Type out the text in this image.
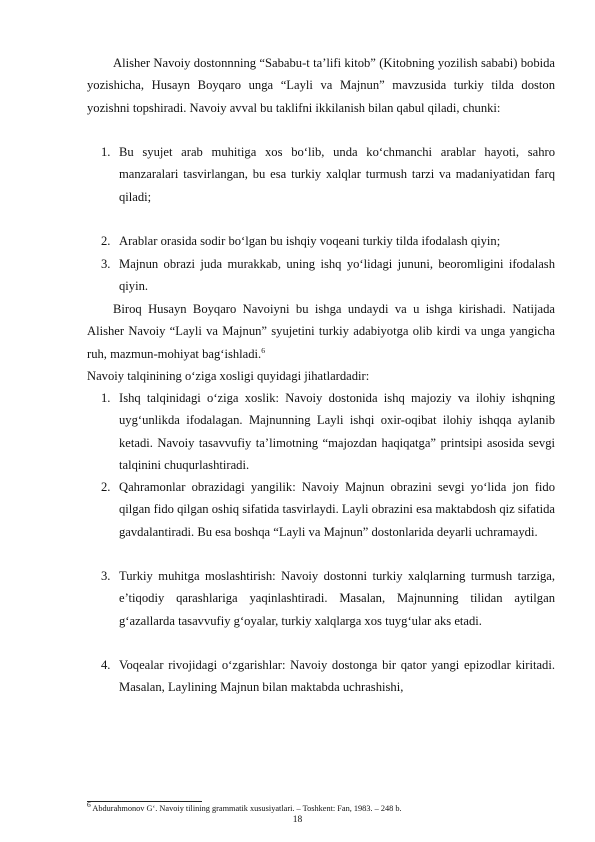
Alisher Navoiy dostonnning “Sababu-t ta’lifi kitob” (Kitobning yozilish sababi) bobida yozishicha, Husayn Boyqaro unga “Layli va Majnun” mavzusida turkiy tilda doston yozishni topshiradi. Navoiy avval bu taklifni ikkilanish bilan qabul qiladi, chunki:
1. Bu syujet arab muhitiga xos bo‘lib, unda ko‘chmanchi arablar hayoti, sahro manzaralari tasvirlangan, bu esa turkiy xalqlar turmush tarzi va madaniyatidan farq qiladi;
2. Arablar orasida sodir bo‘lgan bu ishqiy voqeani turkiy tilda ifodalash qiyin;
3. Majnun obrazi juda murakkab, uning ishq yo‘lidagi jununi, beoromligini ifodalash qiyin.
Biroq Husayn Boyqaro Navoiyni bu ishga undaydi va u ishga kirishadi. Natijada Alisher Navoiy “Layli va Majnun” syujetini turkiy adabiyotga olib kirdi va unga yangicha ruh, mazmun-mohiyat bag‘ishladi.$^6$
Navoiy talqinining o‘ziga xosligi quyidagi jihatlardadir:
1. Ishq talqinidagi o‘ziga xoslik: Navoiy dostonida ishq majoziy va ilohiy ishqning uyg‘unlikda ifodalagan. Majnunning Layli ishqi oxir-oqibat ilohiy ishqqa aylanib ketadi. Navoiy tasavvufiy ta’limotning “majozdan haqiqatga” printsipi asosida sevgi talqinini chuqurlashtiradi.
2. Qahramonlar obrazidagi yangilik: Navoiy Majnun obrazini sevgi yo‘lida jon fido qilgan fido qilgan oshiq sifatida tasvirlaydi. Layli obrazini esa maktabdosh qiz sifatida gavdalantiradi. Bu esa boshqa “Layli va Majnun” dostonlarida deyarli uchramaydi.
3. Turkiy muhitga moslashtirish: Navoiy dostonni turkiy xalqlarning turmush tarziga, e’tiqodiy qarashlariga yaqinlashtiradi. Masalan, Majnunning tilidan aytilgan g‘azallarda tasavvufiy g‘oyalar, turkiy xalqlarga xos tuyg‘ular aks etadi.
4. Voqealar rivojidagi o‘zgarishlar: Navoiy dostonga bir qator yangi epizodlar kiritadi. Masalan, Laylining Majnun bilan maktabda uchrashishi,
$^6$ Abdurahmonov G‘. Navoiy tilining grammatik xususiyatlari. – Toshkent: Fan, 1983. – 248 b.
18
